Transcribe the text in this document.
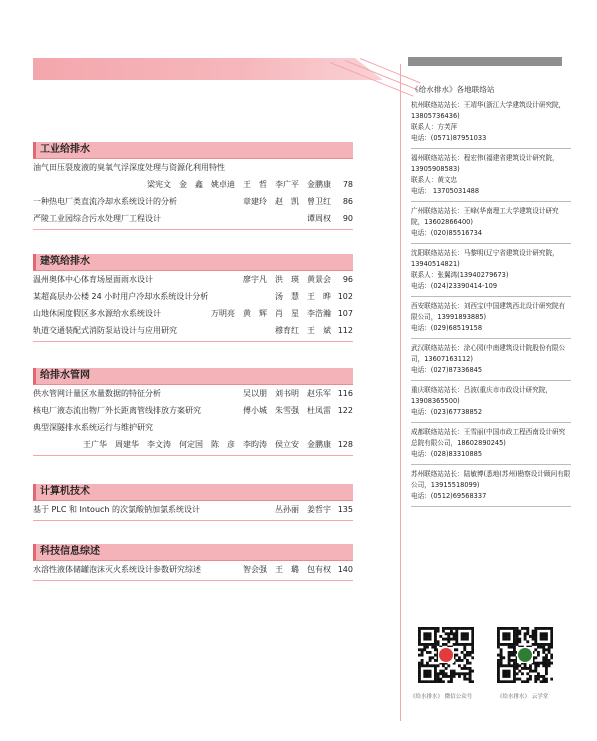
工业给排水
油气田压裂废液的臭氧气浮深度处理与资源化利用特性
梁宪文 金　鑫 姚卓迪 王　哲 李广平 金鹏康	78
一种热电厂类直流冷却水系统设计的分析	章建玲 赵　凯 曾卫红	86
严陵工业园综合污水处理厂工程设计	谭周权	90
建筑给排水
温州奥体中心体育场屋面雨水设计	廖宇凡 洪　瑛 黄景会	96
某超高层办公楼 24 小时用户冷却水系统设计分析	汤　慧 王　晔 102
山地休闲度假区多水源给水系统设计	万明亮 黄　辉 肖　星 李浩瀚 107
轨道交通装配式消防泵站设计与应用研究	穆育红 王　斌 112
给排水管网
供水管网计量区水量数据的特征分析	吴以朋 刘书明 赵乐军 116
核电厂液态流出物厂外长距离管线排放方案研究	傅小城 朱雪强 杜凤雷 122
典型深隧排水系统运行与维护研究
王广华 周建华 李文涛 何定国 陈　彦 李昀涛 侯立安 金鹏康 128
计算机技术
基于 PLC 和 Intouch 的次氯酸钠加氯系统设计	丛孙丽 姜哲宇 135
科技信息综述
水溶性液体储罐泡沫灭火系统设计参数研究综述	智会强 王　璐 包有权 140
《给水排水》各地联络站
杭州联络站站长：王靖华(浙江大学建筑设计研究院，13805736436)
联系人：方芙萍
电话：(0571)87951033
福州联络站站长：程宏伟(福建省建筑设计研究院，13905908583)
联系人：黄文忠
电话： 13705031488
广州联络站站长：王峰(华南理工大学建筑设计研究院，13602866400)
电话：(020)85516734
沈阳联络站站长：马黎明(辽宁省建筑设计研究院，13940514821)
联系人：张翼鸿(13940279673)
电话：(024)23390414-109
西安联络站站长：刘西宝(中国建筑西北设计研究院有限公司，13991893885)
电话：(029)68519158
武汉联络站站长：涂心园(中南建筑设计院股份有限公司，13607163112)
电话：(027)87336845
重庆联络站站长：吕波(重庆市市政设计研究院，13908365500)
电话：(023)67738852
成都联络站站长：王雪丽(中国市政工程西南设计研究总院有限公司，18602890245)
电话：(028)83310885
苏州联络站站长：陆敏博(悉地(苏州)勘察设计顾问有限公司，13915518099)
电话：(0512)69568337
《给水排水》 微信公众号	《给水排水》 云学堂
